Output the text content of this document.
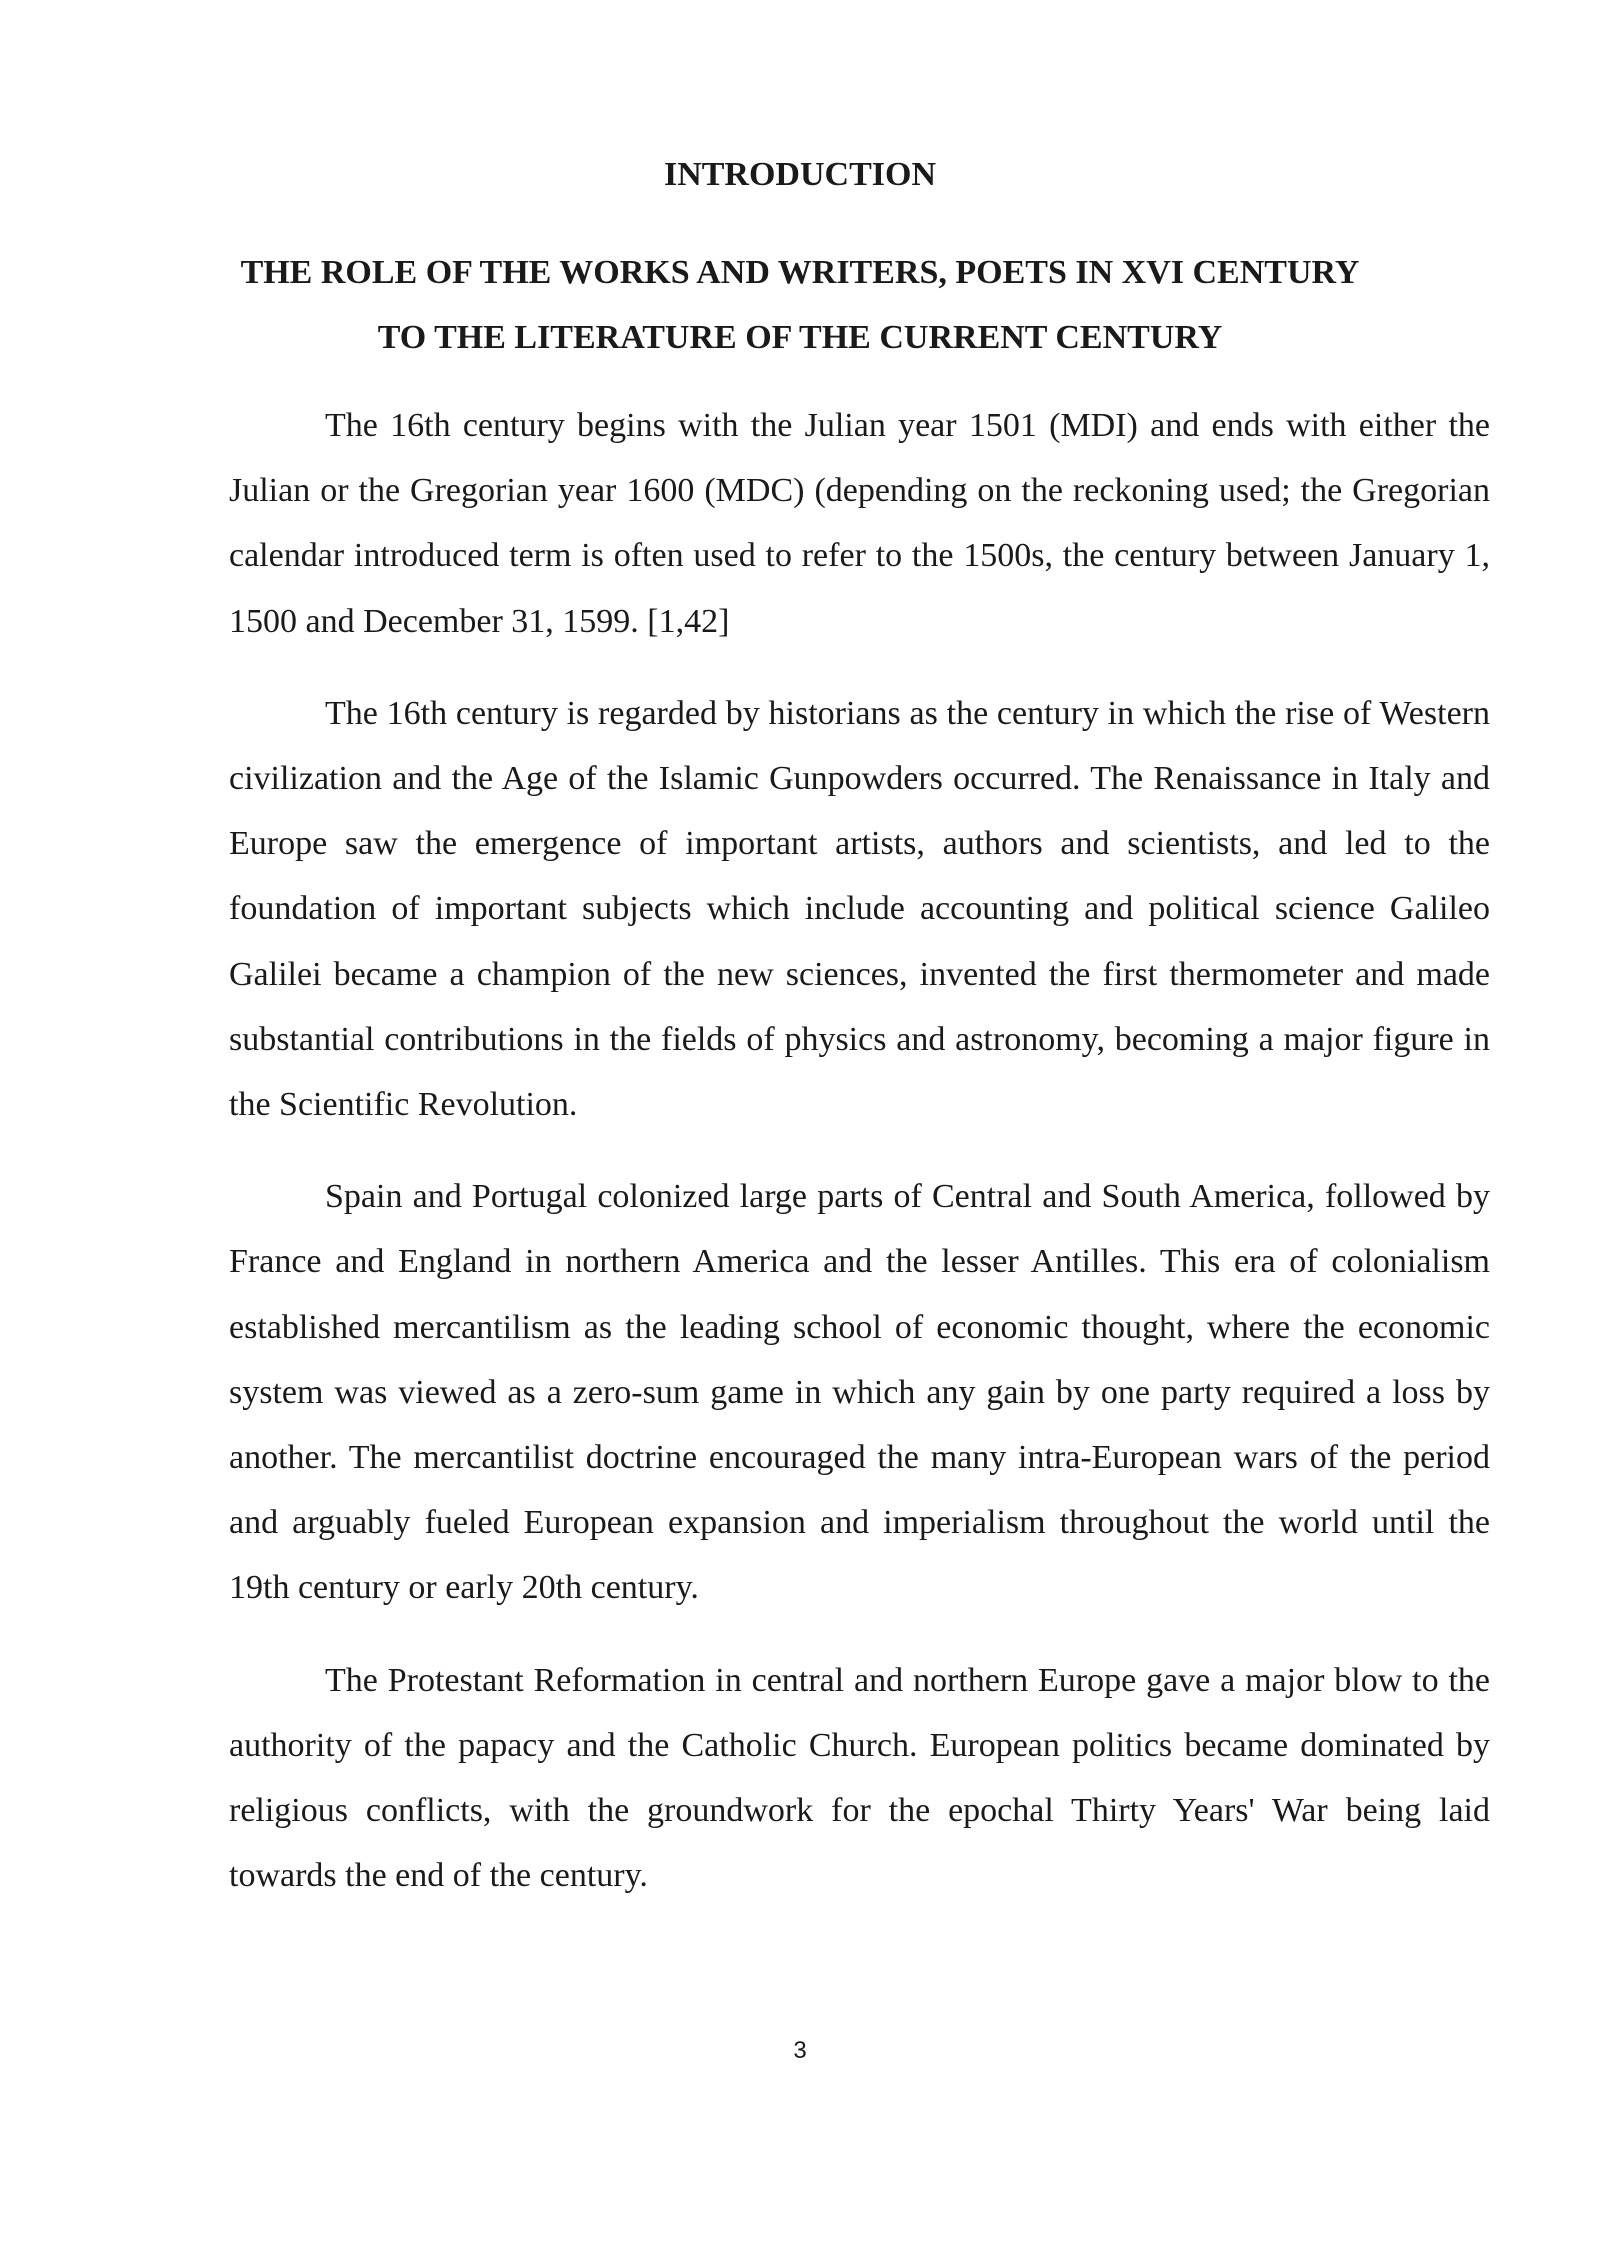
INTRODUCTION
THE ROLE OF THE WORKS AND WRITERS, POETS IN XVI CENTURY
TO THE LITERATURE OF THE CURRENT CENTURY

The 16th century begins with the Julian year 1501 (MDI) and ends with either the Julian or the Gregorian year 1600 (MDC) (depending on the reckoning used; the Gregorian calendar introduced term is often used to refer to the 1500s, the century between January 1, 1500 and December 31, 1599. [1,42]

The 16th century is regarded by historians as the century in which the rise of Western civilization and the Age of the Islamic Gunpowders occurred. The Renaissance in Italy and Europe saw the emergence of important artists, authors and scientists, and led to the foundation of important subjects which include accounting and political science Galileo Galilei became a champion of the new sciences, invented the first thermometer and made substantial contributions in the fields of physics and astronomy, becoming a major figure in the Scientific Revolution.

Spain and Portugal colonized large parts of Central and South America, followed by France and England in northern America and the lesser Antilles. This era of colonialism established mercantilism as the leading school of economic thought, where the economic system was viewed as a zero-sum game in which any gain by one party required a loss by another. The mercantilist doctrine encouraged the many intra-European wars of the period and arguably fueled European expansion and imperialism throughout the world until the 19th century or early 20th century.

The Protestant Reformation in central and northern Europe gave a major blow to the authority of the papacy and the Catholic Church. European politics became dominated by religious conflicts, with the groundwork for the epochal Thirty Years' War being laid towards the end of the century.

3
